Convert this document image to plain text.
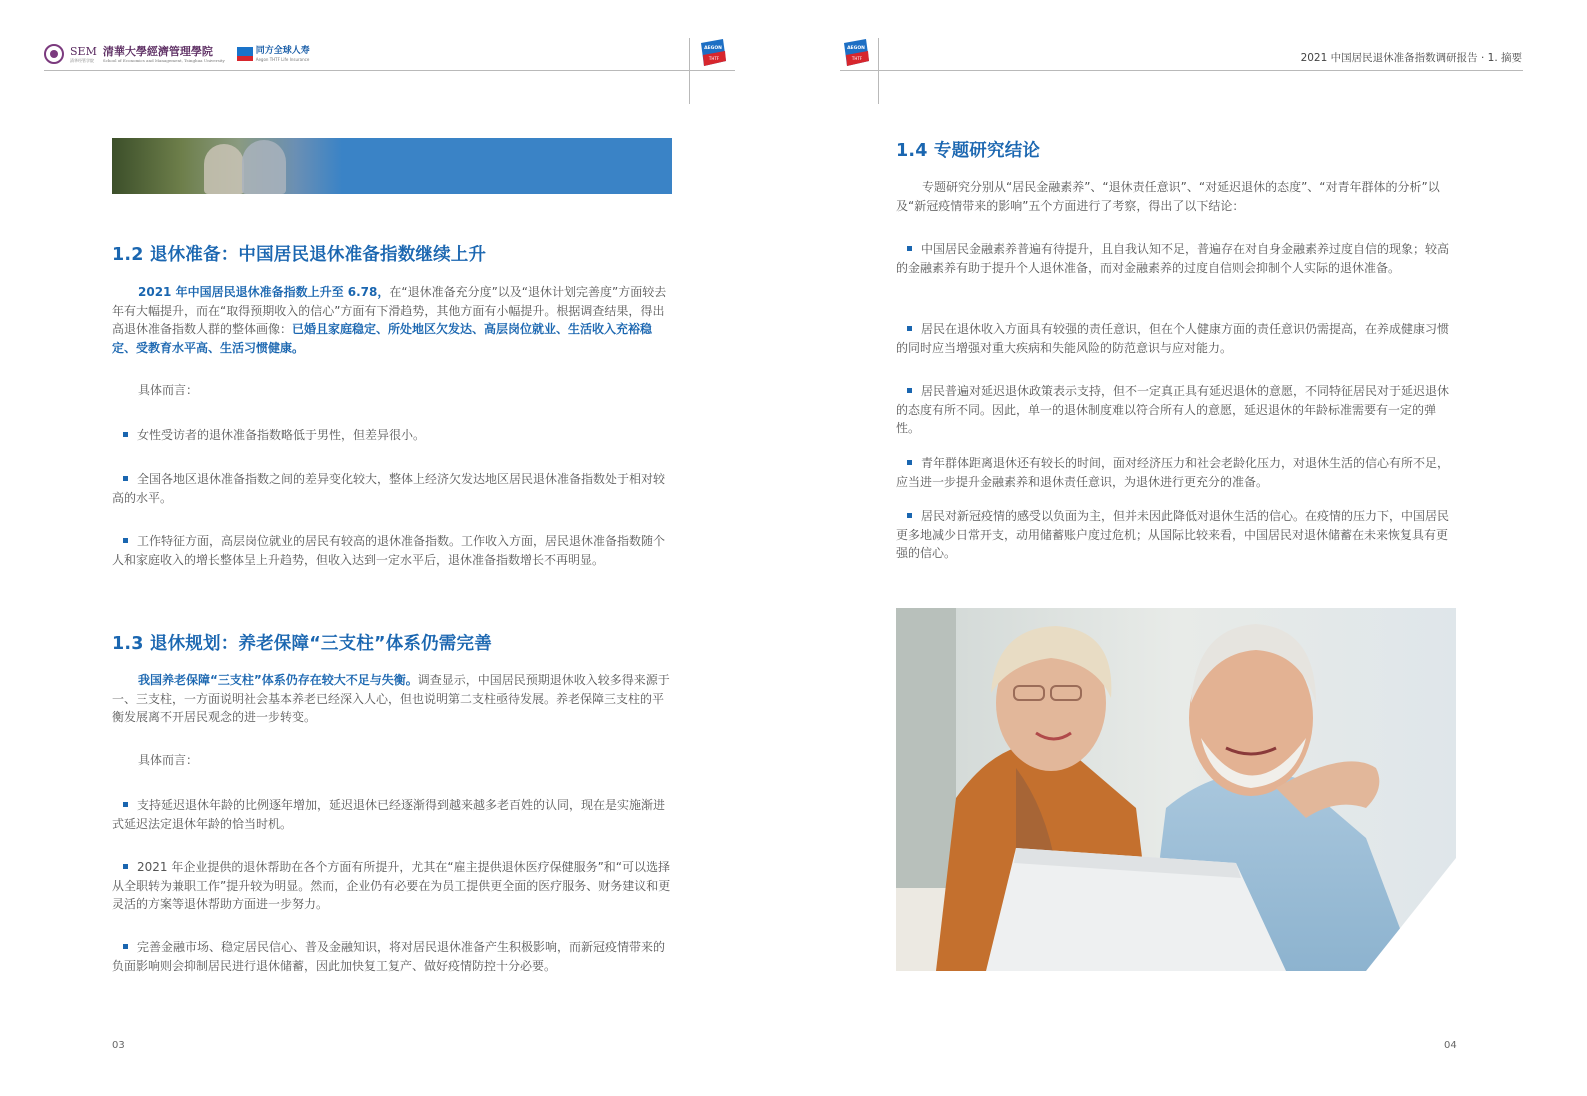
SEM
清华经管学院
清華大學經濟管理學院
School of Economics and Management, Tsinghua University
同方全球人寿
Aegon THTF Life Insurance
AEGON
THTF
AEGON
THTF	2021 中国居民退休准备指数调研报告 · 1. 摘要
1.2 退休准备：中国居民退休准备指数继续上升
2021 年中国居民退休准备指数上升至 6.78，在“退休准备充分度”以及“退休计划完善度”方面较去年有大幅提升，而在“取得预期收入的信心”方面有下滑趋势，其他方面有小幅提升。根据调查结果，得出高退休准备指数人群的整体画像：已婚且家庭稳定、所处地区欠发达、高层岗位就业、生活收入充裕稳定、受教育水平高、生活习惯健康。
具体而言：
女性受访者的退休准备指数略低于男性，但差异很小。
全国各地区退休准备指数之间的差异变化较大，整体上经济欠发达地区居民退休准备指数处于相对较高的水平。
工作特征方面，高层岗位就业的居民有较高的退休准备指数。工作收入方面，居民退休准备指数随个人和家庭收入的增长整体呈上升趋势，但收入达到一定水平后，退休准备指数增长不再明显。
1.3 退休规划：养老保障“三支柱”体系仍需完善
我国养老保障“三支柱”体系仍存在较大不足与失衡。调查显示，中国居民预期退休收入较多得来源于一、三支柱，一方面说明社会基本养老已经深入人心，但也说明第二支柱亟待发展。养老保障三支柱的平衡发展离不开居民观念的进一步转变。
具体而言：
支持延迟退休年龄的比例逐年增加，延迟退休已经逐渐得到越来越多老百姓的认同，现在是实施渐进式延迟法定退休年龄的恰当时机。
2021 年企业提供的退休帮助在各个方面有所提升，尤其在“雇主提供退休医疗保健服务”和“可以选择从全职转为兼职工作”提升较为明显。然而，企业仍有必要在为员工提供更全面的医疗服务、财务建议和更灵活的方案等退休帮助方面进一步努力。
完善金融市场、稳定居民信心、普及金融知识，将对居民退休准备产生积极影响，而新冠疫情带来的负面影响则会抑制居民进行退休储蓄，因此加快复工复产、做好疫情防控十分必要。
03
1.4 专题研究结论
专题研究分别从“居民金融素养”、“退休责任意识”、“对延迟退休的态度”、“对青年群体的分析”以及“新冠疫情带来的影响”五个方面进行了考察，得出了以下结论：
中国居民金融素养普遍有待提升，且自我认知不足，普遍存在对自身金融素养过度自信的现象；较高的金融素养有助于提升个人退休准备，而对金融素养的过度自信则会抑制个人实际的退休准备。
居民在退休收入方面具有较强的责任意识，但在个人健康方面的责任意识仍需提高，在养成健康习惯的同时应当增强对重大疾病和失能风险的防范意识与应对能力。
居民普遍对延迟退休政策表示支持，但不一定真正具有延迟退休的意愿，不同特征居民对于延迟退休的态度有所不同。因此，单一的退休制度难以符合所有人的意愿，延迟退休的年龄标准需要有一定的弹性。
青年群体距离退休还有较长的时间，面对经济压力和社会老龄化压力，对退休生活的信心有所不足，应当进一步提升金融素养和退休责任意识，为退休进行更充分的准备。
居民对新冠疫情的感受以负面为主，但并未因此降低对退休生活的信心。在疫情的压力下，中国居民更多地减少日常开支，动用储蓄账户度过危机；从国际比较来看，中国居民对退休储蓄在未来恢复具有更强的信心。
04
